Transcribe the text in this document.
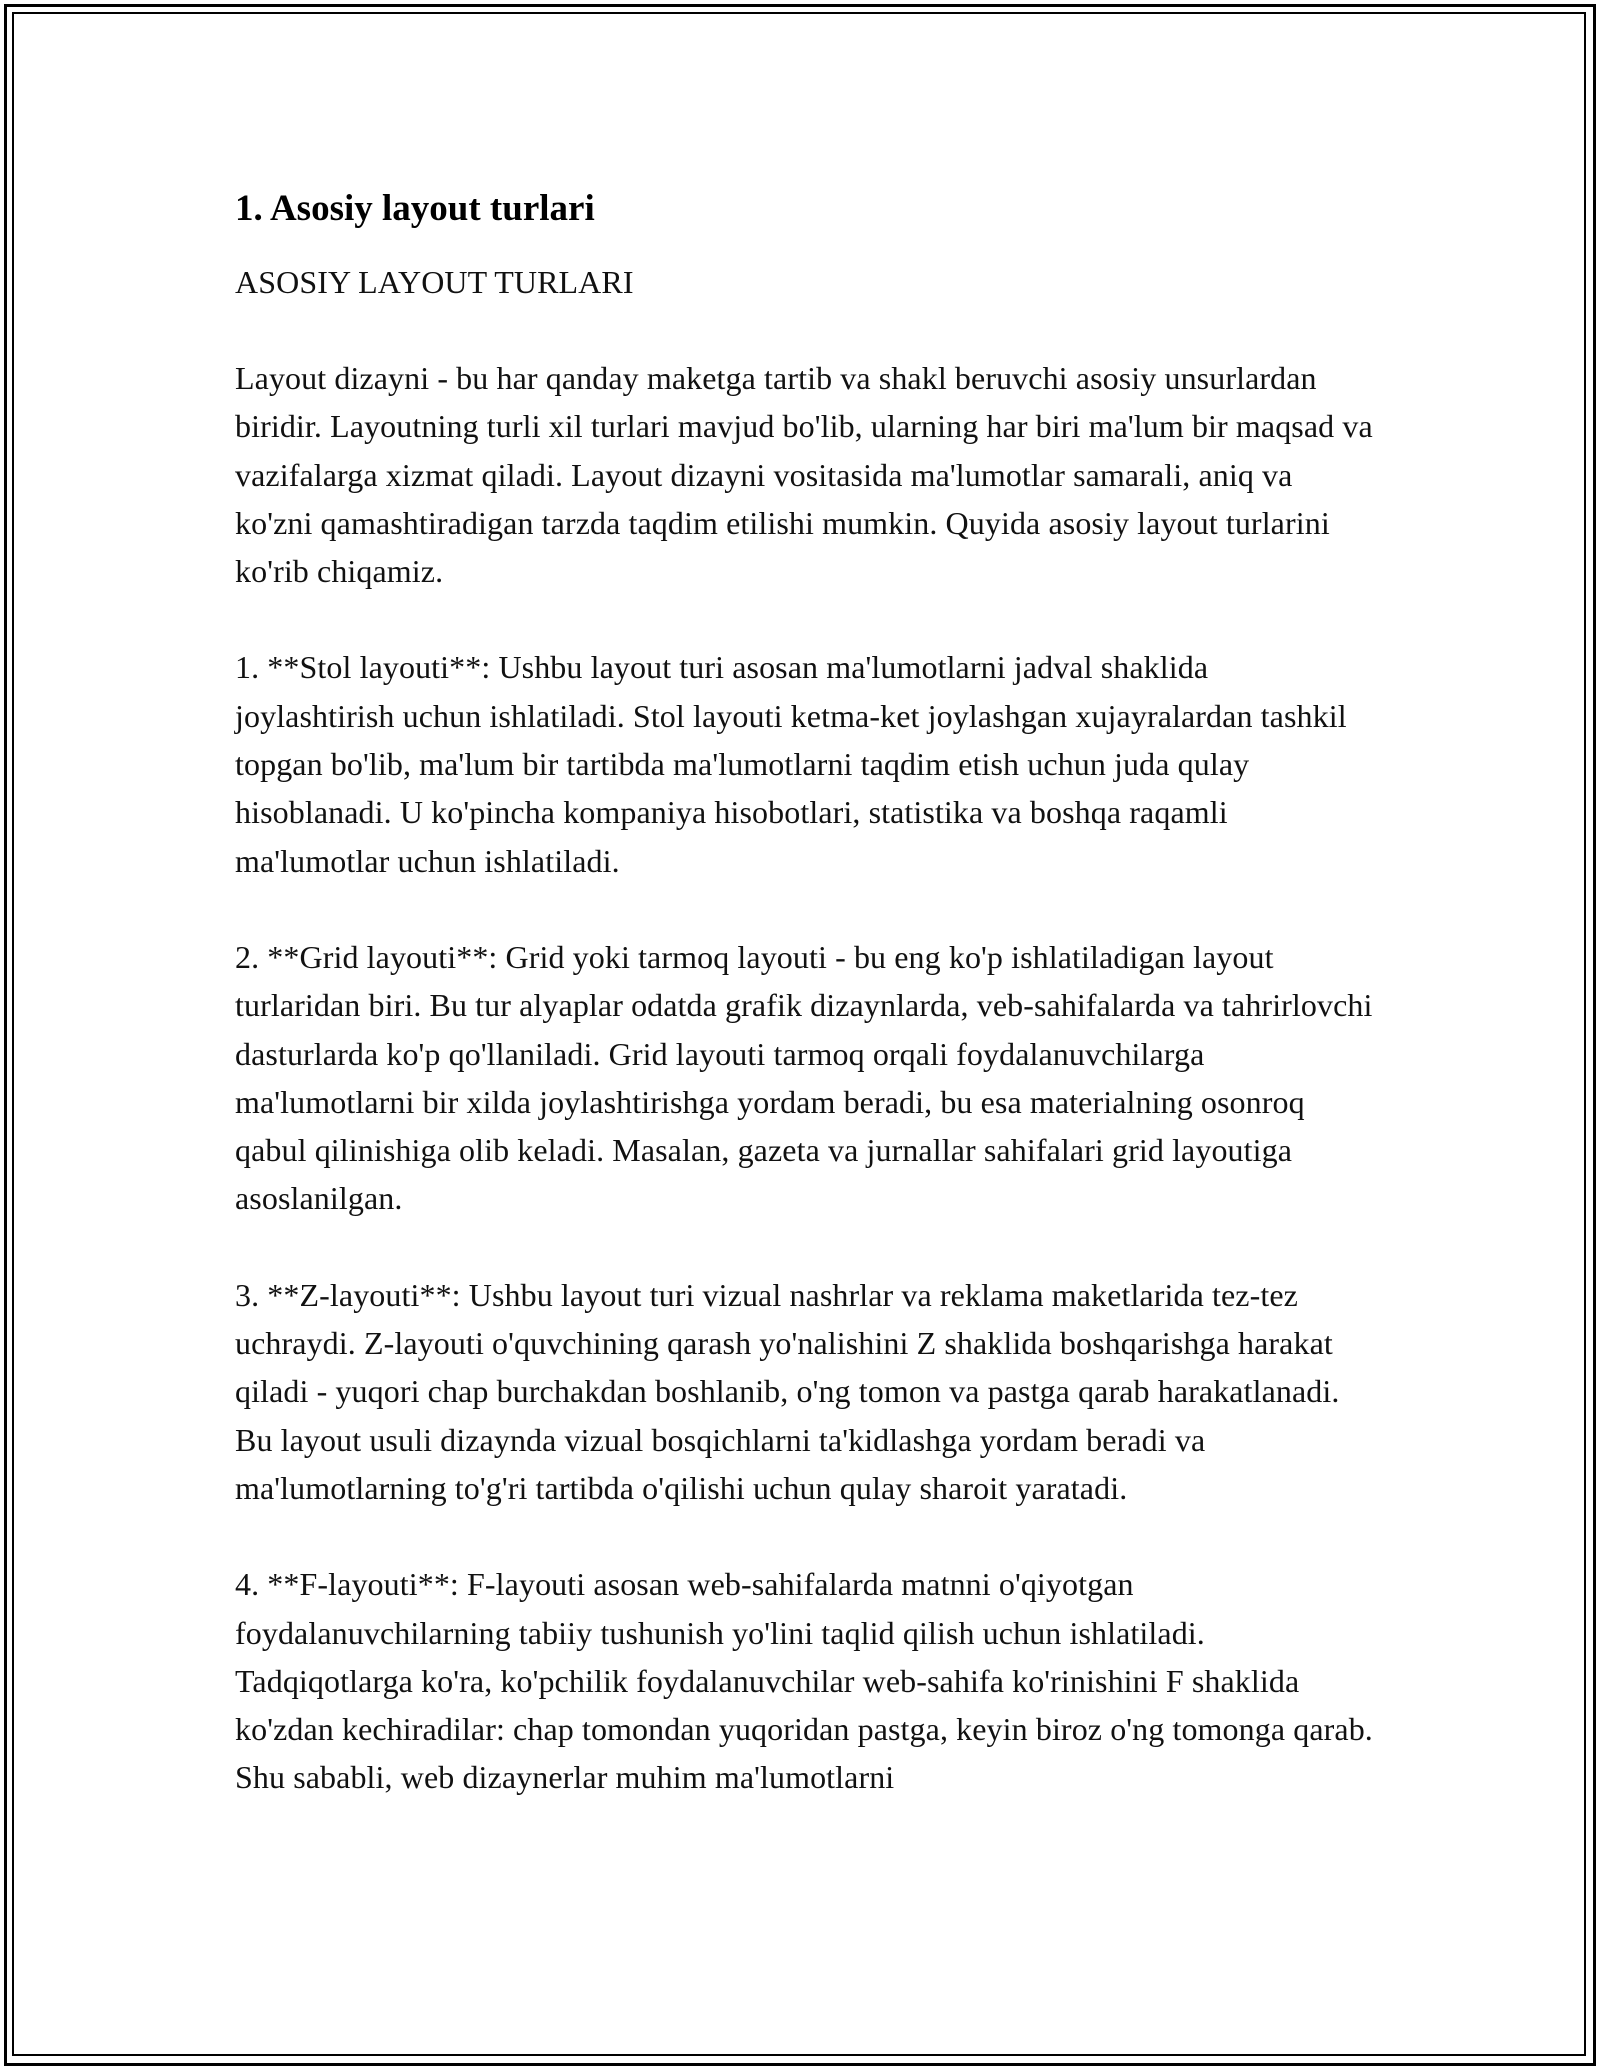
1. Asosiy layout turlari

ASOSIY LAYOUT TURLARI

Layout dizayni - bu har qanday maketga tartib va shakl beruvchi asosiy unsurlardan biridir. Layoutning turli xil turlari mavjud bo'lib, ularning har biri ma'lum bir maqsad va vazifalarga xizmat qiladi. Layout dizayni vositasida ma'lumotlar samarali, aniq va ko'zni qamashtiradigan tarzda taqdim etilishi mumkin. Quyida asosiy layout turlarini ko'rib chiqamiz.

1. **Stol layouti**: Ushbu layout turi asosan ma'lumotlarni jadval shaklida joylashtirish uchun ishlatiladi. Stol layouti ketma-ket joylashgan xujayralardan tashkil topgan bo'lib, ma'lum bir tartibda ma'lumotlarni taqdim etish uchun juda qulay hisoblanadi. U ko'pincha kompaniya hisobotlari, statistika va boshqa raqamli ma'lumotlar uchun ishlatiladi.

2. **Grid layouti**: Grid yoki tarmoq layouti - bu eng ko'p ishlatiladigan layout turlaridan biri. Bu tur alyaplar odatda grafik dizaynlarda, veb-sahifalarda va tahrirlovchi dasturlarda ko'p qo'llaniladi. Grid layouti tarmoq orqali foydalanuvchilarga ma'lumotlarni bir xilda joylashtirishga yordam beradi, bu esa materialning osonroq qabul qilinishiga olib keladi. Masalan, gazeta va jurnallar sahifalari grid layoutiga asoslanilgan.

3. **Z-layouti**: Ushbu layout turi vizual nashrlar va reklama maketlarida tez-tez uchraydi. Z-layouti o'quvchining qarash yo'nalishini Z shaklida boshqarishga harakat qiladi - yuqori chap burchakdan boshlanib, o'ng tomon va pastga qarab harakatlanadi. Bu layout usuli dizaynda vizual bosqichlarni ta'kidlashga yordam beradi va ma'lumotlarning to'g'ri tartibda o'qilishi uchun qulay sharoit yaratadi.

4. **F-layouti**: F-layouti asosan web-sahifalarda matnni o'qiyotgan foydalanuvchilarning tabiiy tushunish yo'lini taqlid qilish uchun ishlatiladi. Tadqiqotlarga ko'ra, ko'pchilik foydalanuvchilar web-sahifa ko'rinishini F shaklida ko'zdan kechiradilar: chap tomondan yuqoridan pastga, keyin biroz o'ng tomonga qarab. Shu sababli, web dizaynerlar muhim ma'lumotlarni
